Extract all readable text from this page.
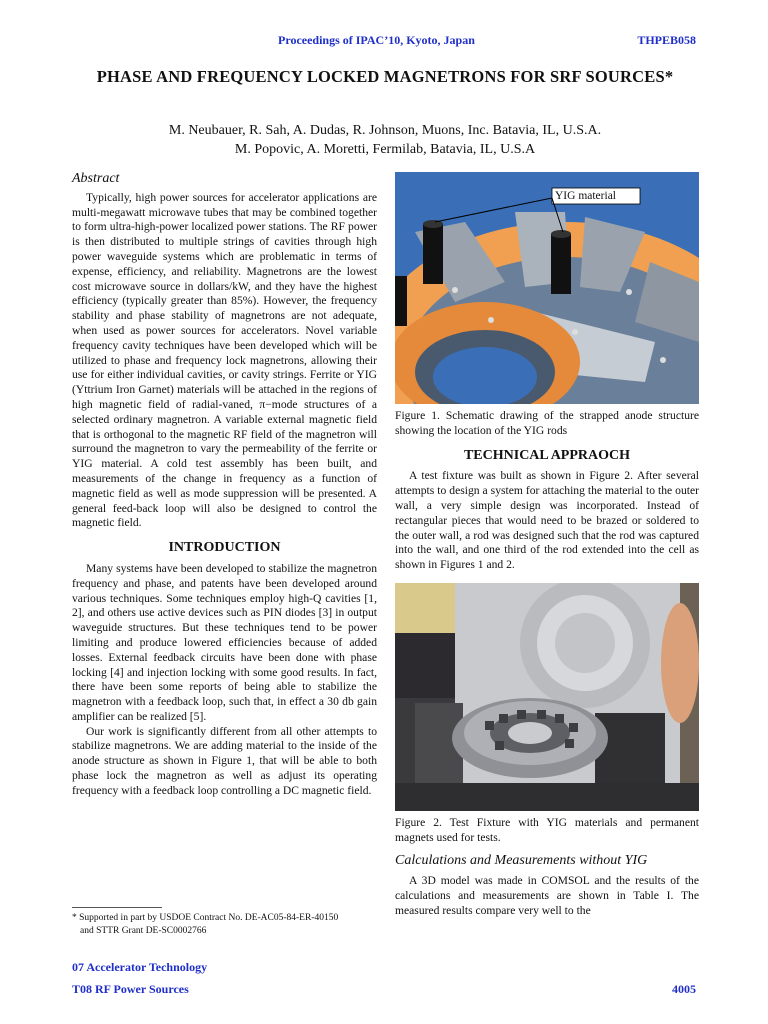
Proceedings of IPAC’10, Kyoto, Japan	THPEB058
PHASE AND FREQUENCY LOCKED MAGNETRONS FOR SRF SOURCES*
M. Neubauer, R. Sah, A. Dudas, R. Johnson, Muons, Inc. Batavia, IL, U.S.A.
M. Popovic, A. Moretti, Fermilab, Batavia, IL, U.S.A
Abstract

Typically, high power sources for accelerator applications are multi-megawatt microwave tubes that may be combined together to form ultra-high-power localized power stations. The RF power is then distributed to multiple strings of cavities through high power waveguide systems which are problematic in terms of expense, efficiency, and reliability. Magnetrons are the lowest cost microwave source in dollars/kW, and they have the highest efficiency (typically greater than 85%). However, the frequency stability and phase stability of magnetrons are not adequate, when used as power sources for accelerators. Novel variable frequency cavity techniques have been developed which will be utilized to phase and frequency lock magnetrons, allowing their use for either individual cavities, or cavity strings. Ferrite or YIG (Yttrium Iron Garnet) materials will be attached in the regions of high magnetic field of radial-vaned, π−mode structures of a selected ordinary magnetron. A variable external magnetic field that is orthogonal to the magnetic RF field of the magnetron will surround the magnetron to vary the permeability of the ferrite or YIG material. A cold test assembly has been built, and measurements of the change in frequency as a function of magnetic field as well as mode suppression will be presented. A general feed-back loop will also be designed to control the magnetic field.

INTRODUCTION

Many systems have been developed to stabilize the magnetron frequency and phase, and patents have been developed around various techniques. Some techniques employ high-Q cavities [1, 2], and others use active devices such as PIN diodes [3] in output waveguide structures. But these techniques tend to be power limiting and produce lowered efficiencies because of added losses. External feedback circuits have been done with phase locking [4] and injection locking with some good results. In fact, there have been some reports of being able to stabilize the magnetron with a feedback loop, such that, in effect a 30 db gain amplifier can be realized [5].

Our work is significantly different from all other attempts to stabilize magnetrons. We are adding material to the inside of the anode structure as shown in Figure 1, that will be able to both phase lock the magnetron as well as adjust its operating frequency with a feedback loop controlling a DC magnetic field.

* Supported in part by USDOE Contract No. DE-AC05-84-ER-40150
and STTR Grant DE-SC0002766
YIG material

Figure 1. Schematic drawing of the strapped anode structure showing the location of the YIG rods

TECHNICAL APPRAOCH

A test fixture was built as shown in Figure 2. After several attempts to design a system for attaching the material to the outer wall, a very simple design was incorporated. Instead of rectangular pieces that would need to be brazed or soldered to the outer wall, a rod was designed such that the rod was captured into the wall, and one third of the rod extended into the cell as shown in Figures 1 and 2.

Figure 2. Test Fixture with YIG materials and permanent magnets used for tests.

Calculations and Measurements without YIG

A 3D model was made in COMSOL and the results of the calculations and measurements are shown in Table I. The measured results compare very well to the

07 Accelerator Technology
T08 RF Power Sources	4005
